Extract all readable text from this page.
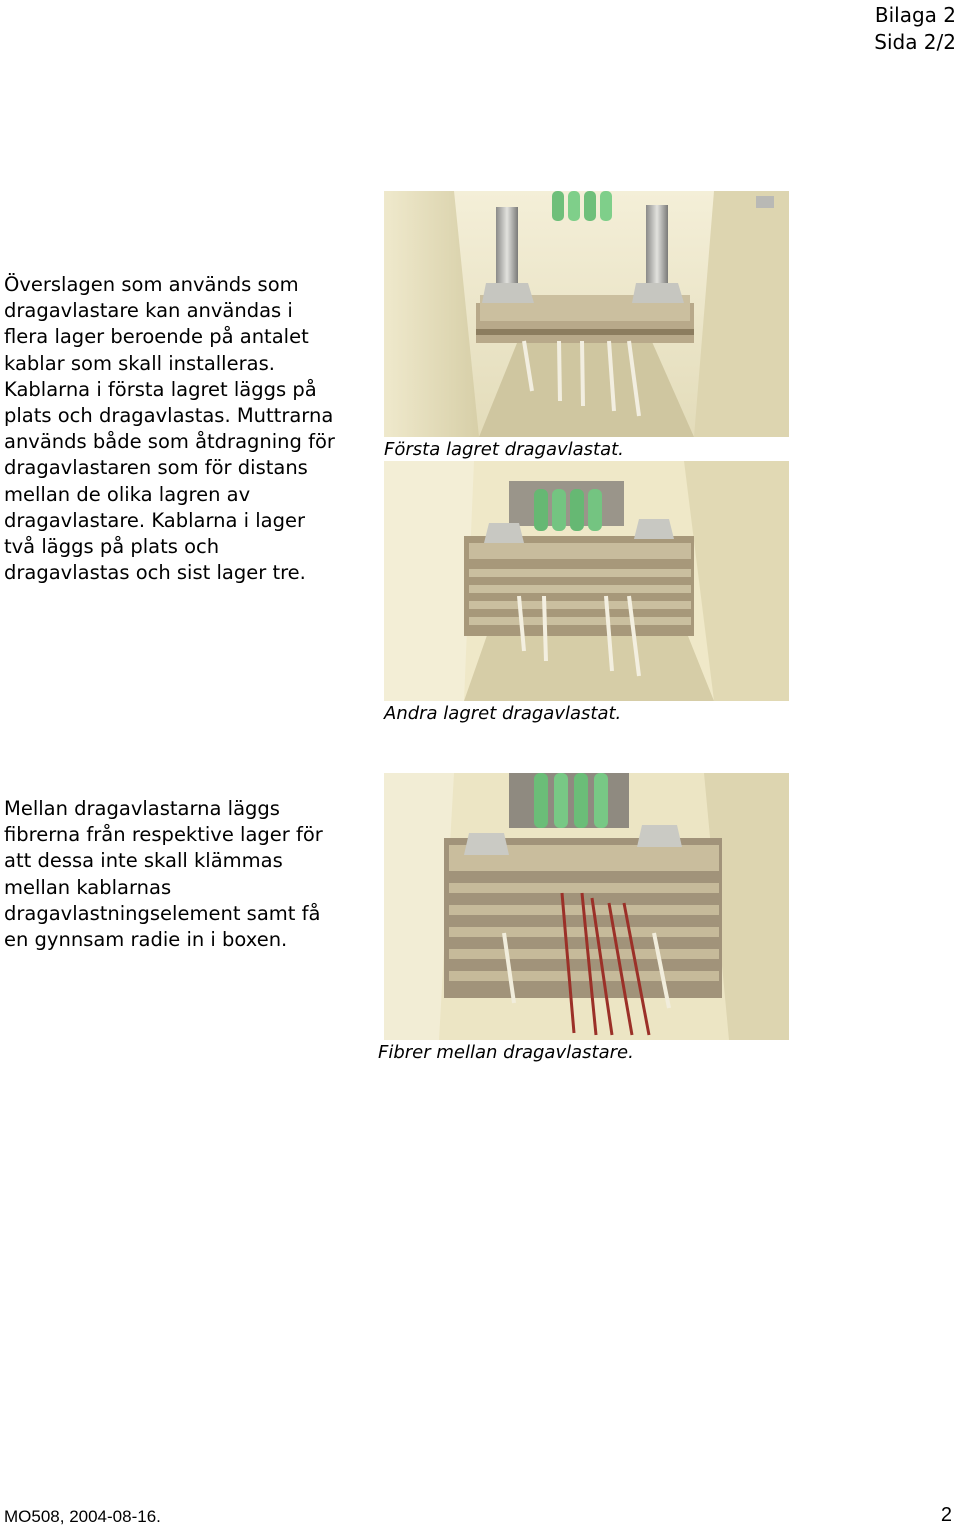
Bilaga 2
Sida 2/2
Överslagen som används som
dragavlastare kan användas i
flera lager beroende på antalet
kablar som skall installeras.
Kablarna i första lagret läggs på
plats och dragavlastas. Muttrarna
används både som åtdragning för
dragavlastaren som för distans
mellan de olika lagren av
dragavlastare. Kablarna i lager
två läggs på plats och
dragavlastas och sist lager tre.
Första lagret dragavlastat.
Andra lagret dragavlastat.
Mellan dragavlastarna läggs
fibrerna från respektive lager för
att dessa inte skall klämmas
mellan kablarnas
dragavlastningselement samt få
en gynnsam radie in i boxen.
Fibrer mellan dragavlastare.
MO508, 2004-08-16.	2
